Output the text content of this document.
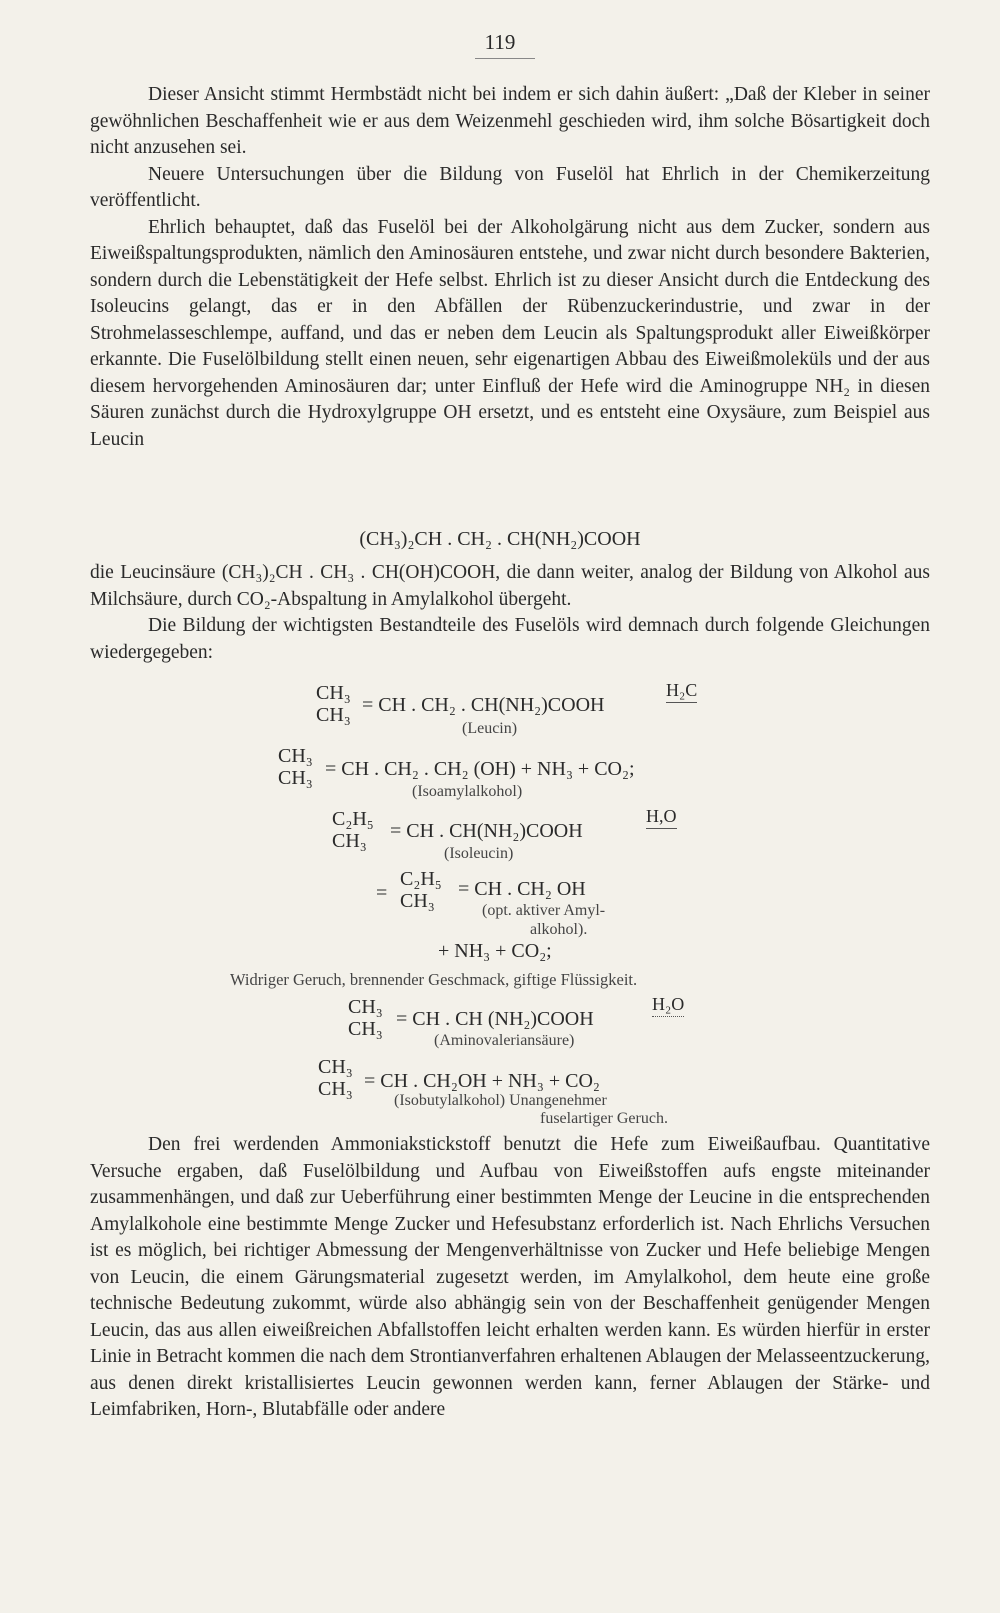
119

Dieser Ansicht stimmt Hermbstädt nicht bei indem er sich dahin äußert: „Daß der Kleber in seiner gewöhnlichen Beschaffenheit wie er aus dem Weizenmehl geschieden wird, ihm solche Bösartigkeit doch nicht anzusehen sei.

Neuere Untersuchungen über die Bildung von Fuselöl hat Ehrlich in der Chemikerzeitung veröffentlicht.

Ehrlich behauptet, daß das Fuselöl bei der Alkoholgärung nicht aus dem Zucker, sondern aus Eiweißspaltungsprodukten, nämlich den Aminosäuren entstehe, und zwar nicht durch besondere Bakterien, sondern durch die Lebenstätigkeit der Hefe selbst. Ehrlich ist zu dieser Ansicht durch die Entdeckung des Isoleucins gelangt, das er in den Abfällen der Rübenzuckerindustrie, und zwar in der Strohmelasseschlempe, auffand, und das er neben dem Leucin als Spaltungsprodukt aller Eiweißkörper erkannte. Die Fuselölbildung stellt einen neuen, sehr eigenartigen Abbau des Eiweißmoleküls und der aus diesem hervorgehenden Aminosäuren dar; unter Einfluß der Hefe wird die Aminogruppe NH₂ in diesen Säuren zunächst durch die Hydroxylgruppe OH ersetzt, und es entsteht eine Oxysäure, zum Beispiel aus Leucin

(CH₃)₂CH . CH₂ . CH(NH₂)COOH

die Leucinsäure (CH₃)₂CH . CH₃ . CH(OH)COOH, die dann weiter, analog der Bildung von Alkohol aus Milchsäure, durch CO₂-Abspaltung in Amylalkohol übergeht.

Die Bildung der wichtigsten Bestandteile des Fuselöls wird demnach durch folgende Gleichungen wiedergegeben:

CH₃
CH₃ = CH . CH₂ . CH(NH₂)COOH
H₂C
(Leucin)
CH₃
CH₃ = CH . CH₂ . CH₂ (OH) + NH₃ + CO₂;
(Isoamylalkohol)
C₂H₅
CH₃	= CH . CH(NH₂)COOH
H,O
(Isoleucin)
=
C₂H₅
CH₃
= CH . CH₂ OH
(opt. aktiver Amyl-
alkohol).
+ NH₃ + CO₂;
Widriger Geruch, brennender Geschmack, giftige Flüssigkeit.
CH₃
CH₃ = CH . CH (NH₂)COOH
H₂O
(Aminovaleriansäure)
CH₃
CH₃ = CH . CH₂OH + NH₃ + CO₂
(Isobutylalkohol) Unangenehmer
fuselartiger Geruch.

Den frei werdenden Ammoniakstickstoff benutzt die Hefe zum Eiweißaufbau. Quantitative Versuche ergaben, daß Fuselölbildung und Aufbau von Eiweißstoffen aufs engste miteinander zusammenhängen, und daß zur Ueberführung einer bestimmten Menge der Leucine in die entsprechenden Amylalkohole eine bestimmte Menge Zucker und Hefesubstanz erforderlich ist. Nach Ehrlichs Versuchen ist es möglich, bei richtiger Abmessung der Mengenverhältnisse von Zucker und Hefe beliebige Mengen von Leucin, die einem Gärungsmaterial zugesetzt werden, im Amylalkohol, dem heute eine große technische Bedeutung zukommt, würde also abhängig sein von der Beschaffenheit genügender Mengen Leucin, das aus allen eiweißreichen Abfallstoffen leicht erhalten werden kann. Es würden hierfür in erster Linie in Betracht kommen die nach dem Strontianverfahren erhaltenen Ablaugen der Melasseentzuckerung, aus denen direkt kristallisiertes Leucin gewonnen werden kann, ferner Ablaugen der Stärke- und Leimfabriken, Horn-, Blutabfälle oder andere
